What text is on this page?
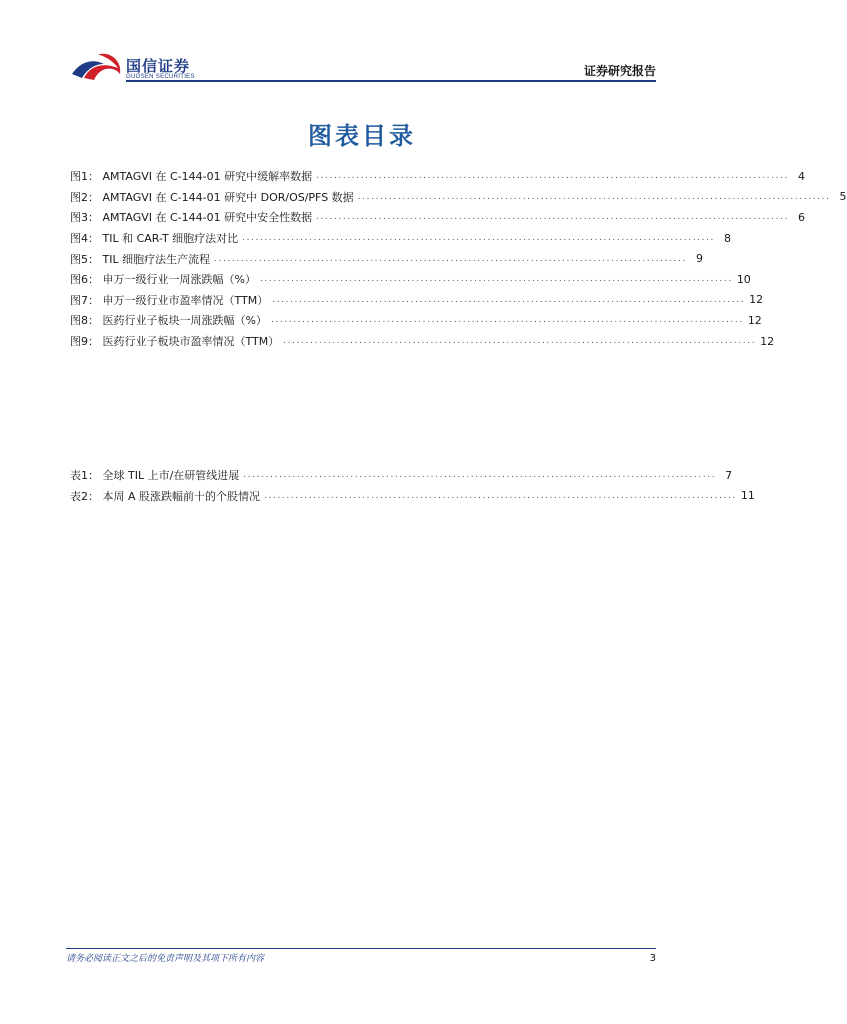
国信证券
GUOSEN SECURITIES	证券研究报告
图表目录
图1： AMTAGVI 在 C-144-01 研究中缓解率数据 .......................................................................................................... 4
图2： AMTAGVI 在 C-144-01 研究中 DOR/OS/PFS 数据 .......................................................................................................... 5
图3： AMTAGVI 在 C-144-01 研究中安全性数据 .......................................................................................................... 6
图4： TIL 和 CAR-T 细胞疗法对比 .......................................................................................................... 8
图5： TIL 细胞疗法生产流程 .......................................................................................................... 9
图6： 申万一级行业一周涨跌幅（%） .......................................................................................................... 10
图7： 申万一级行业市盈率情况（TTM） .......................................................................................................... 12
图8： 医药行业子板块一周涨跌幅（%） .......................................................................................................... 12
图9： 医药行业子板块市盈率情况（TTM） .......................................................................................................... 12
表1： 全球 TIL 上市/在研管线进展 .......................................................................................................... 7
表2： 本周 A 股涨跌幅前十的个股情况 .......................................................................................................... 11
请务必阅读正文之后的免责声明及其项下所有内容	3
